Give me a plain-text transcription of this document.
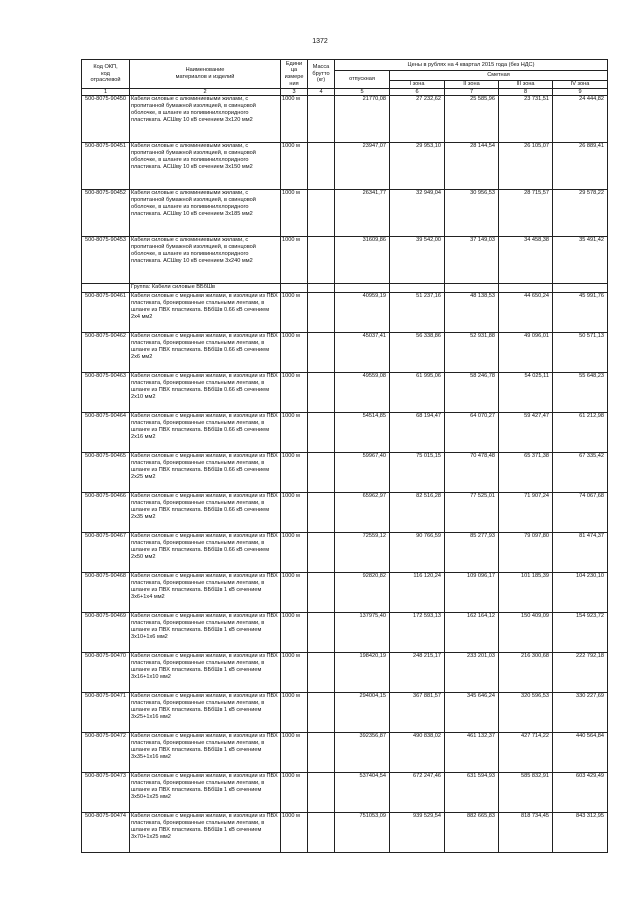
1372
Код ОКП,
код
отраслевой	Наименование
материалов и изделий	Едини
ца
измере
ния	Масса
брутто
(кг)	Цены в рублях на 4 квартал 2015 года (без НДС)				
				отпускная	Сметная			
					I зона	II зона	III зона	IV зона
1	2	3	4	5	6	7	8	9
500-8075-90450	Кабели силовые с алюминиевыми жилами, с пропитанной бумажной изоляцией, в свинцовой оболочке, в шланге из поливинилхлоридного пластиката. АСШву 10 кВ сечением 3х120 мм2	1000 м		21770,08	27 232,62	25 585,96	23 731,51	24 444,82
500-8075-90451	Кабели силовые с алюминиевыми жилами, с пропитанной бумажной изоляцией, в свинцовой оболочке, в шланге из поливинилхлоридного пластиката. АСШву 10 кВ сечением 3х150 мм2	1000 м		23947,07	29 953,10	28 144,54	26 105,07	26 889,41
500-8075-90452	Кабели силовые с алюминиевыми жилами, с пропитанной бумажной изоляцией, в свинцовой оболочке, в шланге из поливинилхлоридного пластиката. АСШву 10 кВ сечением 3х185 мм2	1000 м		26341,77	32 949,04	30 956,53	28 715,57	29 578,22
500-8075-90453	Кабели силовые с алюминиевыми жилами, с пропитанной бумажной изоляцией, в свинцовой оболочке, в шланге из поливинилхлоридного пластиката. АСШву 10 кВ сечением 3х240 мм2	1000 м		31609,86	39 542,00	37 149,03	34 458,38	35 491,42
	Группа: Кабели силовые ВБбШв							
500-8075-90461	Кабели силовые с медными жилами, в изоляции из ПВХ пластиката, бронированные стальными лентами, в шланге из ПВХ пластиката. ВБбШв 0.66 кВ сечением 2х4 мм2	1000 м		40959,19	51 237,16	48 138,53	44 650,24	45 991,76
500-8075-90462	Кабели силовые с медными жилами, в изоляции из ПВХ пластиката, бронированные стальными лентами, в шланге из ПВХ пластиката. ВБбШв 0.66 кВ сечением 2х6 мм2	1000 м		45037,41	56 338,86	52 931,88	49 096,01	50 571,13
500-8075-90463	Кабели силовые с медными жилами, в изоляции из ПВХ пластиката, бронированные стальными лентами, в шланге из ПВХ пластиката. ВБбШв 0.66 кВ сечением 2х10 мм2	1000 м		49559,08	61 995,06	58 246,78	54 025,11	55 648,23
500-8075-90464	Кабели силовые с медными жилами, в изоляции из ПВХ пластиката, бронированные стальными лентами, в шланге из ПВХ пластиката. ВБбШв 0.66 кВ сечением 2х16 мм2	1000 м		54514,85	68 194,47	64 070,27	59 427,47	61 212,98
500-8075-90465	Кабели силовые с медными жилами, в изоляции из ПВХ пластиката, бронированные стальными лентами, в шланге из ПВХ пластиката. ВБбШв 0.66 кВ сечением 2х25 мм2	1000 м		59967,40	75 015,15	70 478,48	65 371,38	67 335,42
500-8075-90466	Кабели силовые с медными жилами, в изоляции из ПВХ пластиката, бронированные стальными лентами, в шланге из ПВХ пластиката. ВБбШв 0.66 кВ сечением 2х35 мм2	1000 м		65962,97	82 516,28	77 525,01	71 907,24	74 067,68
500-8075-90467	Кабели силовые с медными жилами, в изоляции из ПВХ пластиката, бронированные стальными лентами, в шланге из ПВХ пластиката. ВБбШв 0.66 кВ сечением 2х50 мм2	1000 м		72559,12	90 766,59	85 277,93	79 097,80	81 474,37
500-8075-90468	Кабели силовые с медными жилами, в изоляции из ПВХ пластиката, бронированные стальными лентами, в шланге из ПВХ пластиката. ВБбШв 1 кВ сечением 3х6+1х4 мм2	1000 м		92820,82	116 120,24	109 096,17	101 185,39	104 230,10
500-8075-90469	Кабели силовые с медными жилами, в изоляции из ПВХ пластиката, бронированные стальными лентами, в шланге из ПВХ пластиката. ВБбШв 1 кВ сечением 3х10+1х6 мм2	1000 м		137975,40	172 593,13	162 164,12	150 409,09	154 923,72
500-8075-90470	Кабели силовые с медными жилами, в изоляции из ПВХ пластиката, бронированные стальными лентами, в шланге из ПВХ пластиката. ВБбШв 1 кВ сечением 3х16+1х10 мм2	1000 м		198420,19	248 215,17	233 201,03	216 300,68	222 792,18
500-8075-90471	Кабели силовые с медными жилами, в изоляции из ПВХ пластиката, бронированные стальными лентами, в шланге из ПВХ пластиката. ВБбШв 1 кВ сечением 3х25+1х16 мм2	1000 м		294004,15	367 881,57	345 646,24	320 596,53	330 227,69
500-8075-90472	Кабели силовые с медными жилами, в изоляции из ПВХ пластиката, бронированные стальными лентами, в шланге из ПВХ пластиката. ВБбШв 1 кВ сечением 3х35+1х16 мм2	1000 м		392356,87	490 838,02	461 132,37	427 714,22	440 564,84
500-8075-90473	Кабели силовые с медными жилами, в изоляции из ПВХ пластиката, бронированные стальными лентами, в шланге из ПВХ пластиката. ВБбШв 1 кВ сечением 3х50+1х25 мм2	1000 м		537404,54	672 247,46	631 594,93	585 832,91	603 429,49
500-8075-90474	Кабели силовые с медными жилами, в изоляции из ПВХ пластиката, бронированные стальными лентами, в шланге из ПВХ пластиката. ВБбШв 1 кВ сечением 3х70+1х25 мм2	1000 м		751053,09	939 529,54	882 665,83	818 734,45	843 312,95
